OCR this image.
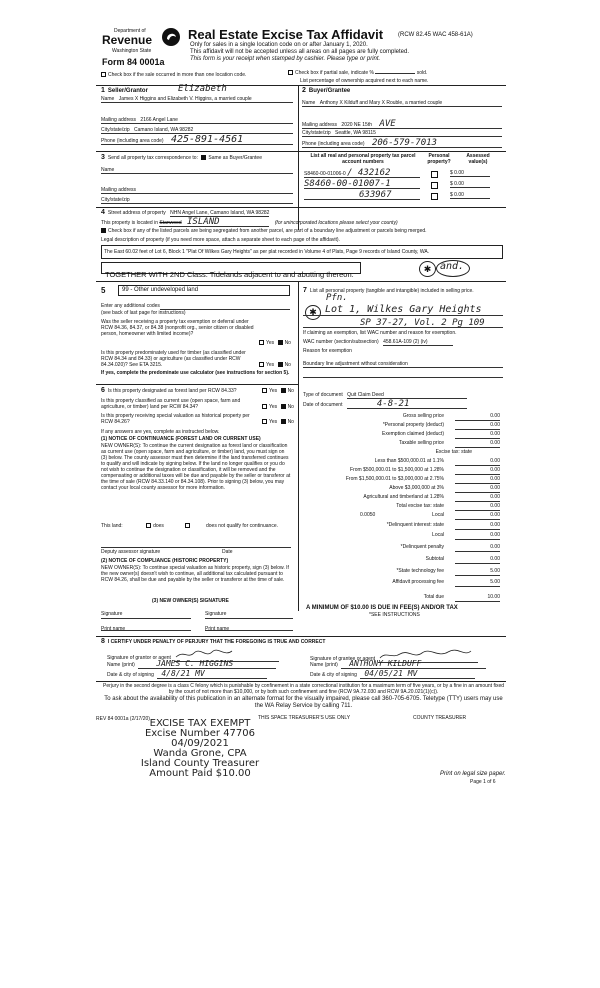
Department of
Revenue
Washington State
Form 84 0001a
Real Estate Excise Tax Affidavit (RCW 82.45 WAC 458-61A)
Only for sales in a single location code on or after January 1, 2020.
This affidavit will not be accepted unless all areas on all pages are fully completed.
This form is your receipt when stamped by cashier. Please type or print.
Check box if the sale occurred in more than one location code.	Check box if partial sale, indicate %	sold.
List percentage of ownership acquired next to each name.
1 Seller/Grantor	Elizabeth
Name James X Higgins and Elizabeth V. Higgins, a married couple
Mailing address 2166 Angel Lane
City/state/zip Camano Island, WA 98282
Phone (including area code) 425-891-4561
2 Buyer/Grantee
Name Anthony X Kilduff and Mary X Rouble, a married couple
Mailing address 2020 NE 15th AVE
City/state/zip Seattle, WA 98115
Phone (including area code) 206-579-7013
3 Send all property tax correspondence to: Same as Buyer/Grantee
Name
Mailing address
City/state/zip
List all real and personal property tax parcel account numbers
Personal property?
Assessed value(s)
S8460-00-01006-0 / 432162	$ 0.00
S8460-00-01007-1	$ 0.00
633967	$ 0.00
4 Street address of property NHN Angel Lane, Camano Island, WA 98282
This property is located in Stanwood ISLAND	(for unincorporated locations please select your county)
Check box if any of the listed parcels are being segregated from another parcel, are part of a boundary line adjustment or parcels being merged.
Legal description of property (if you need more space, attach a separate sheet to each page of the affidavit).
The East 60.02 feet of Lot 6, Block 1 "Plat Of Wilkes Gary Heights" as per plat recorded in Volume 4 of Plats, Page 9 records of Island County, WA.
TOGETHER WITH 2ND Class. Tidelands adjacent to and abutting thereon.
✱ and.
5	99 - Other undeveloped land
Enter any additional codes
(see back of last page for instructions)
Was the seller receiving a property tax exemption or deferral under RCW 84.36, 84.37, or 84.38 (nonprofit org., senior citizen or disabled person, homeowner with limited income)?
Yes No
Is this property predominately used for timber (as classified under RCW 84.34 and 84.33) or agriculture (as classified under RCW 84.34.020)? See ETA 3215.	Yes No
If yes, complete the predominate use calculator (see instructions for section 5).
6 Is this property designated as forest land per RCW 84.33?	Yes No
Is this property classified as current use (open space, farm and agriculture, or timber) land per RCW 84.34?	Yes No
Is this property receiving special valuation as historical property per RCW 84.26?	Yes No
If any answers are yes, complete as instructed below.
(1) NOTICE OF CONTINUANCE (FOREST LAND OR CURRENT USE)
NEW OWNER(S): To continue the current designation as forest land or classification as current use (open space, farm and agriculture, or timber) land, you must sign on (3) below. The county assessor must then determine if the land transferred continues to qualify and will indicate by signing below. If the land no longer qualifies or you do not wish to continue the designation or classification, it will be removed and the compensating or additional taxes will be due and payable by the seller or transferor at the time of sale (RCW 84.33.140 or 84.34.108). Prior to signing (3) below, you may contact your local county assessor for more information.
This land:	does	does not qualify for continuance.
Deputy assessor signature	Date
(2) NOTICE OF COMPLIANCE (HISTORIC PROPERTY)
NEW OWNER(S): To continue special valuation as historic property, sign (3) below. If the new owner(s) doesn't wish to continue, all additional tax calculated pursuant to RCW 84.26, shall be due and payable by the seller or transferor at the time of sale.
(3) NEW OWNER(S) SIGNATURE
Signature	Signature
Print name	Print name
7 List all personal property (tangible and intangible) included in selling price.
Pfn.
✱ Lot 1, Wilkes Gary Heights
SP 37-27, Vol. 2 Pg 109
If claiming an exemption, list WAC number and reason for exemption.
WAC number (section/subsection) 458.61A-109 (2) (iv)
Reason for exemption
Boundary line adjustment without consideration
Type of document Quit Claim Deed
Date of document	4-8-21
Gross selling price	0.00
*Personal property (deduct)	0.00
Exemption claimed (deduct)	0.00
Taxable selling price	0.00
Excise tax: state
Less than $500,000.01 at 1.1%	0.00
From $500,000.01 to $1,500,000 at 1.28%	0.00
From $1,500,000.01 to $3,000,000 at 2.75%	0.00
Above $3,000,000 at 3%	0.00
Agricultural and timberland at 1.28%	0.00
Total excise tax: state	0.00
0.0050	Local	0.00
*Delinquent interest: state	0.00
Local	0.00
*Delinquent penalty	0.00
Subtotal	0.00
*State technology fee	5.00
Affidavit processing fee	5.00
Total due	10.00
A MINIMUM OF $10.00 IS DUE IN FEE(S) AND/OR TAX
*SEE INSTRUCTIONS
8 I CERTIFY UNDER PENALTY OF PERJURY THAT THE FOREGOING IS TRUE AND CORRECT
Signature of grantor or agent
Name (print)	JAMES C. HIGGINS
Date & city of signing 4/8/21 MV
Signature of grantee or agent
Name (print) ANTHONY KILDUFF
Date & city of signing 04/05/21 MV
Perjury in the second degree is a class C felony which is punishable by confinement in a state correctional institution for a maximum term of five years, or by a fine in an amount fixed by the court of not more than $10,000, or by both such confinement and fine (RCW 9A.72.030 and RCW 9A.20.021(1)(c)).
To ask about the availability of this publication in an alternate format for the visually impaired, please call 360-705-6705. Teletype (TTY) users may use the WA Relay Service by calling 711.
REV 84 0001a (2/17/20)	THIS SPACE TREASURER'S USE ONLY	COUNTY TREASURER
EXCISE TAX EXEMPT
Excise Number 47706
04/09/2021
Wanda Grone, CPA
Island County Treasurer
Amount Paid $10.00	Print on legal size paper.
Page 1 of 6
